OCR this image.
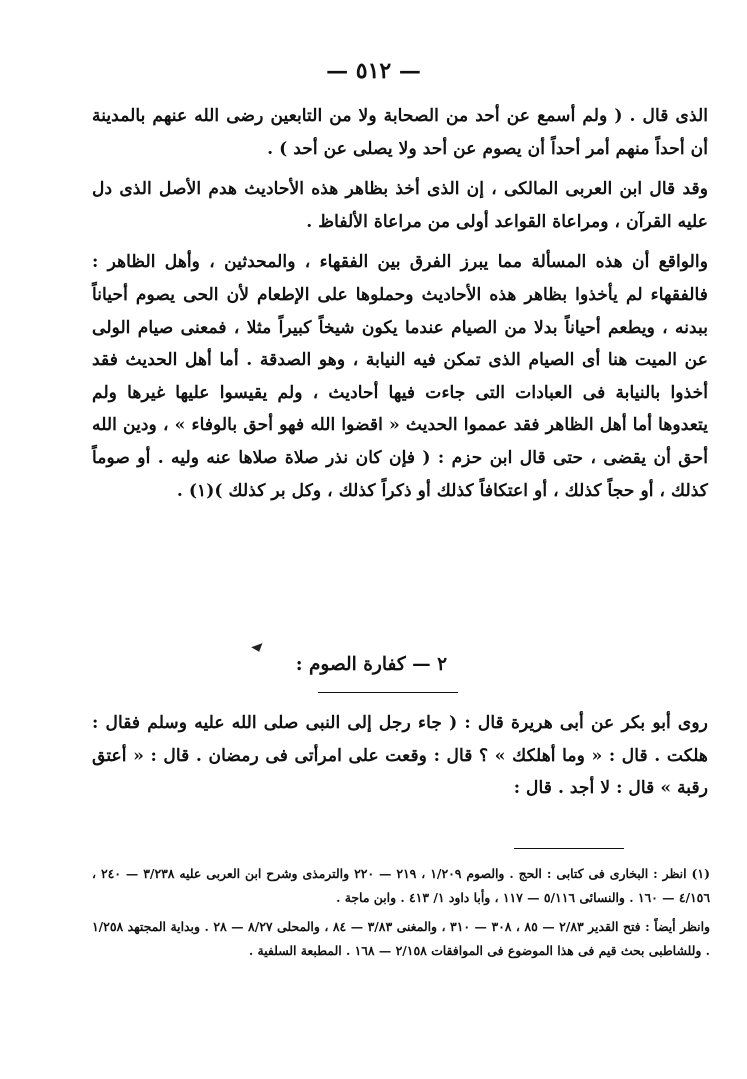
— ٥١٢ —

الذى قال . ( ولم أسمع عن أحد من الصحابة ولا من التابعين رضى الله عنهم بالمدينة أن أحداً منهم أمر أحداً أن يصوم عن أحد ولا يصلى عن أحد ) .

وقد قال ابن العربى المالكى ، إن الذى أخذ بظاهر هذه الأحاديث هدم الأصل الذى دل عليه القرآن ، ومراعاة القواعد أولى من مراعاة الألفاظ .

والواقع أن هذه المسألة مما يبرز الفرق بين الفقهاء ، والمحدثين ، وأهل الظاهر : فالفقهاء لم يأخذوا بظاهر هذه الأحاديث وحملوها على الإطعام لأن الحى يصوم أحياناً ببدنه ، ويطعم أحياناً بدلا من الصيام عندما يكون شيخاً كبيراً مثلا ، فمعنى صيام الولى عن الميت هنا أى الصيام الذى تمكن فيه النيابة ، وهو الصدقة . أما أهل الحديث فقد أخذوا بالنيابة فى العبادات التى جاءت فيها أحاديث ، ولم يقيسوا عليها غيرها ولم يتعدوها أما أهل الظاهر فقد عمموا الحديث « اقضوا الله فهو أحق بالوفاء » ، ودين الله أحق أن يقضى ، حتى قال ابن حزم : ( فإن كان نذر صلاة صلاها عنه وليه . أو صوماً كذلك ، أو حجاً كذلك ، أو اعتكافاً كذلك أو ذكراً كذلك ، وكل بر كذلك )(١) .

٢ — كفارة الصوم :

روى أبو بكر عن أبى هريرة قال : ( جاء رجل إلى النبى صلى الله عليه وسلم فقال : هلكت . قال : « وما أهلكك » ؟ قال : وقعت على امرأتى فى رمضان . قال : « أعتق رقبة » قال : لا أجد . قال :

(١) انظر : البخارى فى كتابى : الحج . والصوم ١/٢٠٩ ، ٢١٩ — ٢٢٠ والترمذى وشرح ابن العربى عليه ٣/٢٣٨ — ٢٤٠ ، ٤/١٥٦ — ١٦٠ . والنسائى ٥/١١٦ — ١١٧ ، وأبا داود ١/ ٤١٣ . وابن ماجة .

وانظر أيضاً : فتح القدير ٢/٨٣ — ٨٥ ، ٣٠٨ — ٣١٠ ، والمغنى ٣/٨٣ — ٨٤ ، والمحلى ٨/٢٧ — ٢٨ . وبداية المجتهد ١/٢٥٨ . وللشاطبى بحث قيم فى هذا الموضوع فى الموافقات ٢/١٥٨ — ١٦٨ . المطبعة السلفية .
